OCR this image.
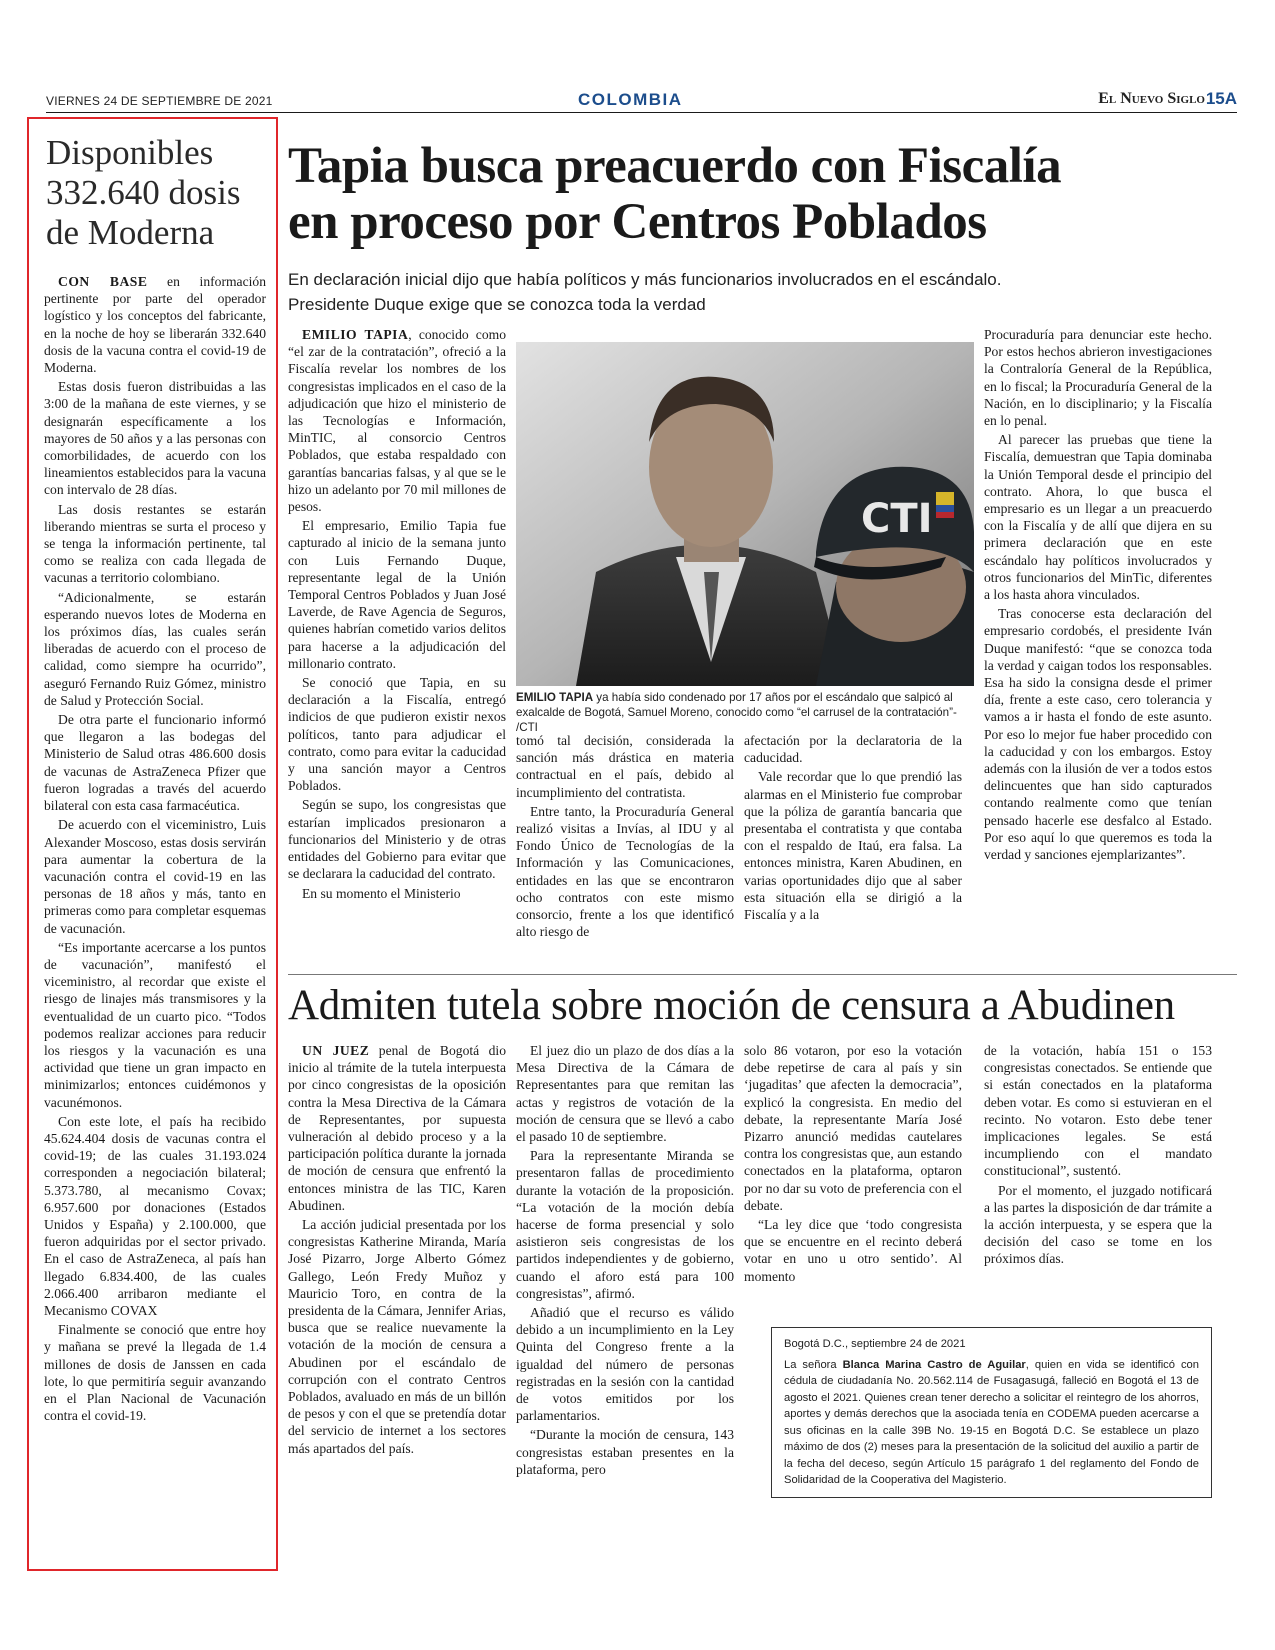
VIERNES 24 DE SEPTIEMBRE DE 2021	COLOMBIA	El Nuevo Siglo 15A
Disponibles
332.640 dosis
de Moderna

CON BASE en información pertinente por parte del operador logístico y los conceptos del fabricante, en la noche de hoy se liberarán 332.640 dosis de la vacuna contra el covid-19 de Moderna.

Estas dosis fueron distribuidas a las 3:00 de la mañana de este viernes, y se designarán específicamente a los mayores de 50 años y a las personas con comorbilidades, de acuerdo con los lineamientos establecidos para la vacuna con intervalo de 28 días.

Las dosis restantes se estarán liberando mientras se surta el proceso y se tenga la información pertinente, tal como se realiza con cada llegada de vacunas a territorio colombiano.

“Adicionalmente, se estarán esperando nuevos lotes de Moderna en los próximos días, las cuales serán liberadas de acuerdo con el proceso de calidad, como siempre ha ocurrido”, aseguró Fernando Ruiz Gómez, ministro de Salud y Protección Social.

De otra parte el funcionario informó que llegaron a las bodegas del Ministerio de Salud otras 486.600 dosis de vacunas de AstraZeneca Pfizer que fueron logradas a través del acuerdo bilateral con esta casa farmacéutica.

De acuerdo con el viceministro, Luis Alexander Moscoso, estas dosis servirán para aumentar la cobertura de la vacunación contra el covid-19 en las personas de 18 años y más, tanto en primeras como para completar esquemas de vacunación.

“Es importante acercarse a los puntos de vacunación”, manifestó el viceministro, al recordar que existe el riesgo de linajes más transmisores y la eventualidad de un cuarto pico. “Todos podemos realizar acciones para reducir los riesgos y la vacunación es una actividad que tiene un gran impacto en minimizarlos; entonces cuidémonos y vacunémonos.

Con este lote, el país ha recibido 45.624.404 dosis de vacunas contra el covid-19; de las cuales 31.193.024 corresponden a negociación bilateral; 5.373.780, al mecanismo Covax; 6.957.600 por donaciones (Estados Unidos y España) y 2.100.000, que fueron adquiridas por el sector privado. En el caso de AstraZeneca, al país han llegado 6.834.400, de las cuales 2.066.400 arribaron mediante el Mecanismo COVAX

Finalmente se conoció que entre hoy y mañana se prevé la llegada de 1.4 millones de dosis de Janssen en cada lote, lo que permitiría seguir avanzando en el Plan Nacional de Vacunación contra el covid-19.

Tapia busca preacuerdo con Fiscalía
en proceso por Centros Poblados
En declaración inicial dijo que había políticos y más funcionarios involucrados en el escándalo.
Presidente Duque exige que se conozca toda la verdad

EMILIO TAPIA, conocido como “el zar de la contratación”, ofreció a la Fiscalía revelar los nombres de los congresistas implicados en el caso de la adjudicación que hizo el ministerio de las Tecnologías e Información, MinTIC, al consorcio Centros Poblados, que estaba respaldado con garantías bancarias falsas, y al que se le hizo un adelanto por 70 mil millones de pesos.

El empresario, Emilio Tapia fue capturado al inicio de la semana junto con Luis Fernando Duque, representante legal de la Unión Temporal Centros Poblados y Juan José Laverde, de Rave Agencia de Seguros, quienes habrían cometido varios delitos para hacerse a la adjudicación del millonario contrato.

Se conoció que Tapia, en su declaración a la Fiscalía, entregó indicios de que pudieron existir nexos políticos, tanto para adjudicar el contrato, como para evitar la caducidad y una sanción mayor a Centros Poblados.

Según se supo, los congresistas que estarían implicados presionaron a funcionarios del Ministerio y de otras entidades del Gobierno para evitar que se declarara la caducidad del contrato.

En su momento el Ministerio

CTI
EMILIO TAPIA ya había sido condenado por 17 años por el escándalo que salpicó al exalcalde de Bogotá, Samuel Moreno, conocido como “el carrusel de la contratación”- /CTI

tomó tal decisión, considerada la sanción más drástica en materia contractual en el país, debido al incumplimiento del contratista.

Entre tanto, la Procuraduría General realizó visitas a Invías, al IDU y al Fondo Único de Tecnologías de la Información y las Comunicaciones, entidades en las que se encontraron ocho contratos con este mismo consorcio, frente a los que identificó alto riesgo de

afectación por la declaratoria de la caducidad.

Vale recordar que lo que prendió las alarmas en el Ministerio fue comprobar que la póliza de garantía bancaria que presentaba el contratista y que contaba con el respaldo de Itaú, era falsa. La entonces ministra, Karen Abudinen, en varias oportunidades dijo que al saber esta situación ella se dirigió a la Fiscalía y a la

Procuraduría para denunciar este hecho. Por estos hechos abrieron investigaciones la Contraloría General de la República, en lo fiscal; la Procuraduría General de la Nación, en lo disciplinario; y la Fiscalía en lo penal.

Al parecer las pruebas que tiene la Fiscalía, demuestran que Tapia dominaba la Unión Temporal desde el principio del contrato. Ahora, lo que busca el empresario es un llegar a un preacuerdo con la Fiscalía y de allí que dijera en su primera declaración que en este escándalo hay políticos involucrados y otros funcionarios del MinTic, diferentes a los hasta ahora vinculados.

Tras conocerse esta declaración del empresario cordobés, el presidente Iván Duque manifestó: “que se conozca toda la verdad y caigan todos los responsables. Esa ha sido la consigna desde el primer día, frente a este caso, cero tolerancia y vamos a ir hasta el fondo de este asunto. Por eso lo mejor fue haber procedido con la caducidad y con los embargos. Estoy además con la ilusión de ver a todos estos delincuentes que han sido capturados contando realmente como que tenían pensado hacerle ese desfalco al Estado. Por eso aquí lo que queremos es toda la verdad y sanciones ejemplarizantes”.

Admiten tutela sobre moción de censura a Abudinen

UN JUEZ penal de Bogotá dio inicio al trámite de la tutela interpuesta por cinco congresistas de la oposición contra la Mesa Directiva de la Cámara de Representantes, por supuesta vulneración al debido proceso y a la participación política durante la jornada de moción de censura que enfrentó la entonces ministra de las TIC, Karen Abudinen.

La acción judicial presentada por los congresistas Katherine Miranda, María José Pizarro, Jorge Alberto Gómez Gallego, León Fredy Muñoz y Mauricio Toro, en contra de la presidenta de la Cámara, Jennifer Arias, busca que se realice nuevamente la votación de la moción de censura a Abudinen por el escándalo de corrupción con el contrato Centros Poblados, avaluado en más de un billón de pesos y con el que se pretendía dotar del servicio de internet a los sectores más apartados del país.

El juez dio un plazo de dos días a la Mesa Directiva de la Cámara de Representantes para que remitan las actas y registros de votación de la moción de censura que se llevó a cabo el pasado 10 de septiembre.

Para la representante Miranda se presentaron fallas de procedimiento durante la votación de la proposición. “La votación de la moción debía hacerse de forma presencial y solo asistieron seis congresistas de los partidos independientes y de gobierno, cuando el aforo está para 100 congresistas”, afirmó.

Añadió que el recurso es válido debido a un incumplimiento en la Ley Quinta del Congreso frente a la igualdad del número de personas registradas en la sesión con la cantidad de votos emitidos por los parlamentarios.

“Durante la moción de censura, 143 congresistas estaban presentes en la plataforma, pero

solo 86 votaron, por eso la votación debe repetirse de cara al país y sin ‘jugaditas’ que afecten la democracia”, explicó la congresista. En medio del debate, la representante María José Pizarro anunció medidas cautelares contra los congresistas que, aun estando conectados en la plataforma, optaron por no dar su voto de preferencia con el debate.

“La ley dice que ‘todo congresista que se encuentre en el recinto deberá votar en uno u otro sentido’. Al momento

de la votación, había 151 o 153 congresistas conectados. Se entiende que si están conectados en la plataforma deben votar. Es como si estuvieran en el recinto. No votaron. Esto debe tener implicaciones legales. Se está incumpliendo con el mandato constitucional”, sustentó.

Por el momento, el juzgado notificará a las partes la disposición de dar trámite a la acción interpuesta, y se espera que la decisión del caso se tome en los próximos días.

Bogotá D.C., septiembre 24 de 2021
La señora Blanca Marina Castro de Aguilar, quien en vida se identificó con cédula de ciudadanía No. 20.562.114 de Fusagasugá, falleció en Bogotá el 13 de agosto el 2021. Quienes crean tener derecho a solicitar el reintegro de los ahorros, aportes y demás derechos que la asociada tenía en CODEMA pueden acercarse a sus oficinas en la calle 39B No. 19-15 en Bogotá D.C. Se establece un plazo máximo de dos (2) meses para la presentación de la solicitud del auxilio a partir de la fecha del deceso, según Artículo 15 parágrafo 1 del reglamento del Fondo de Solidaridad de la Cooperativa del Magisterio.
